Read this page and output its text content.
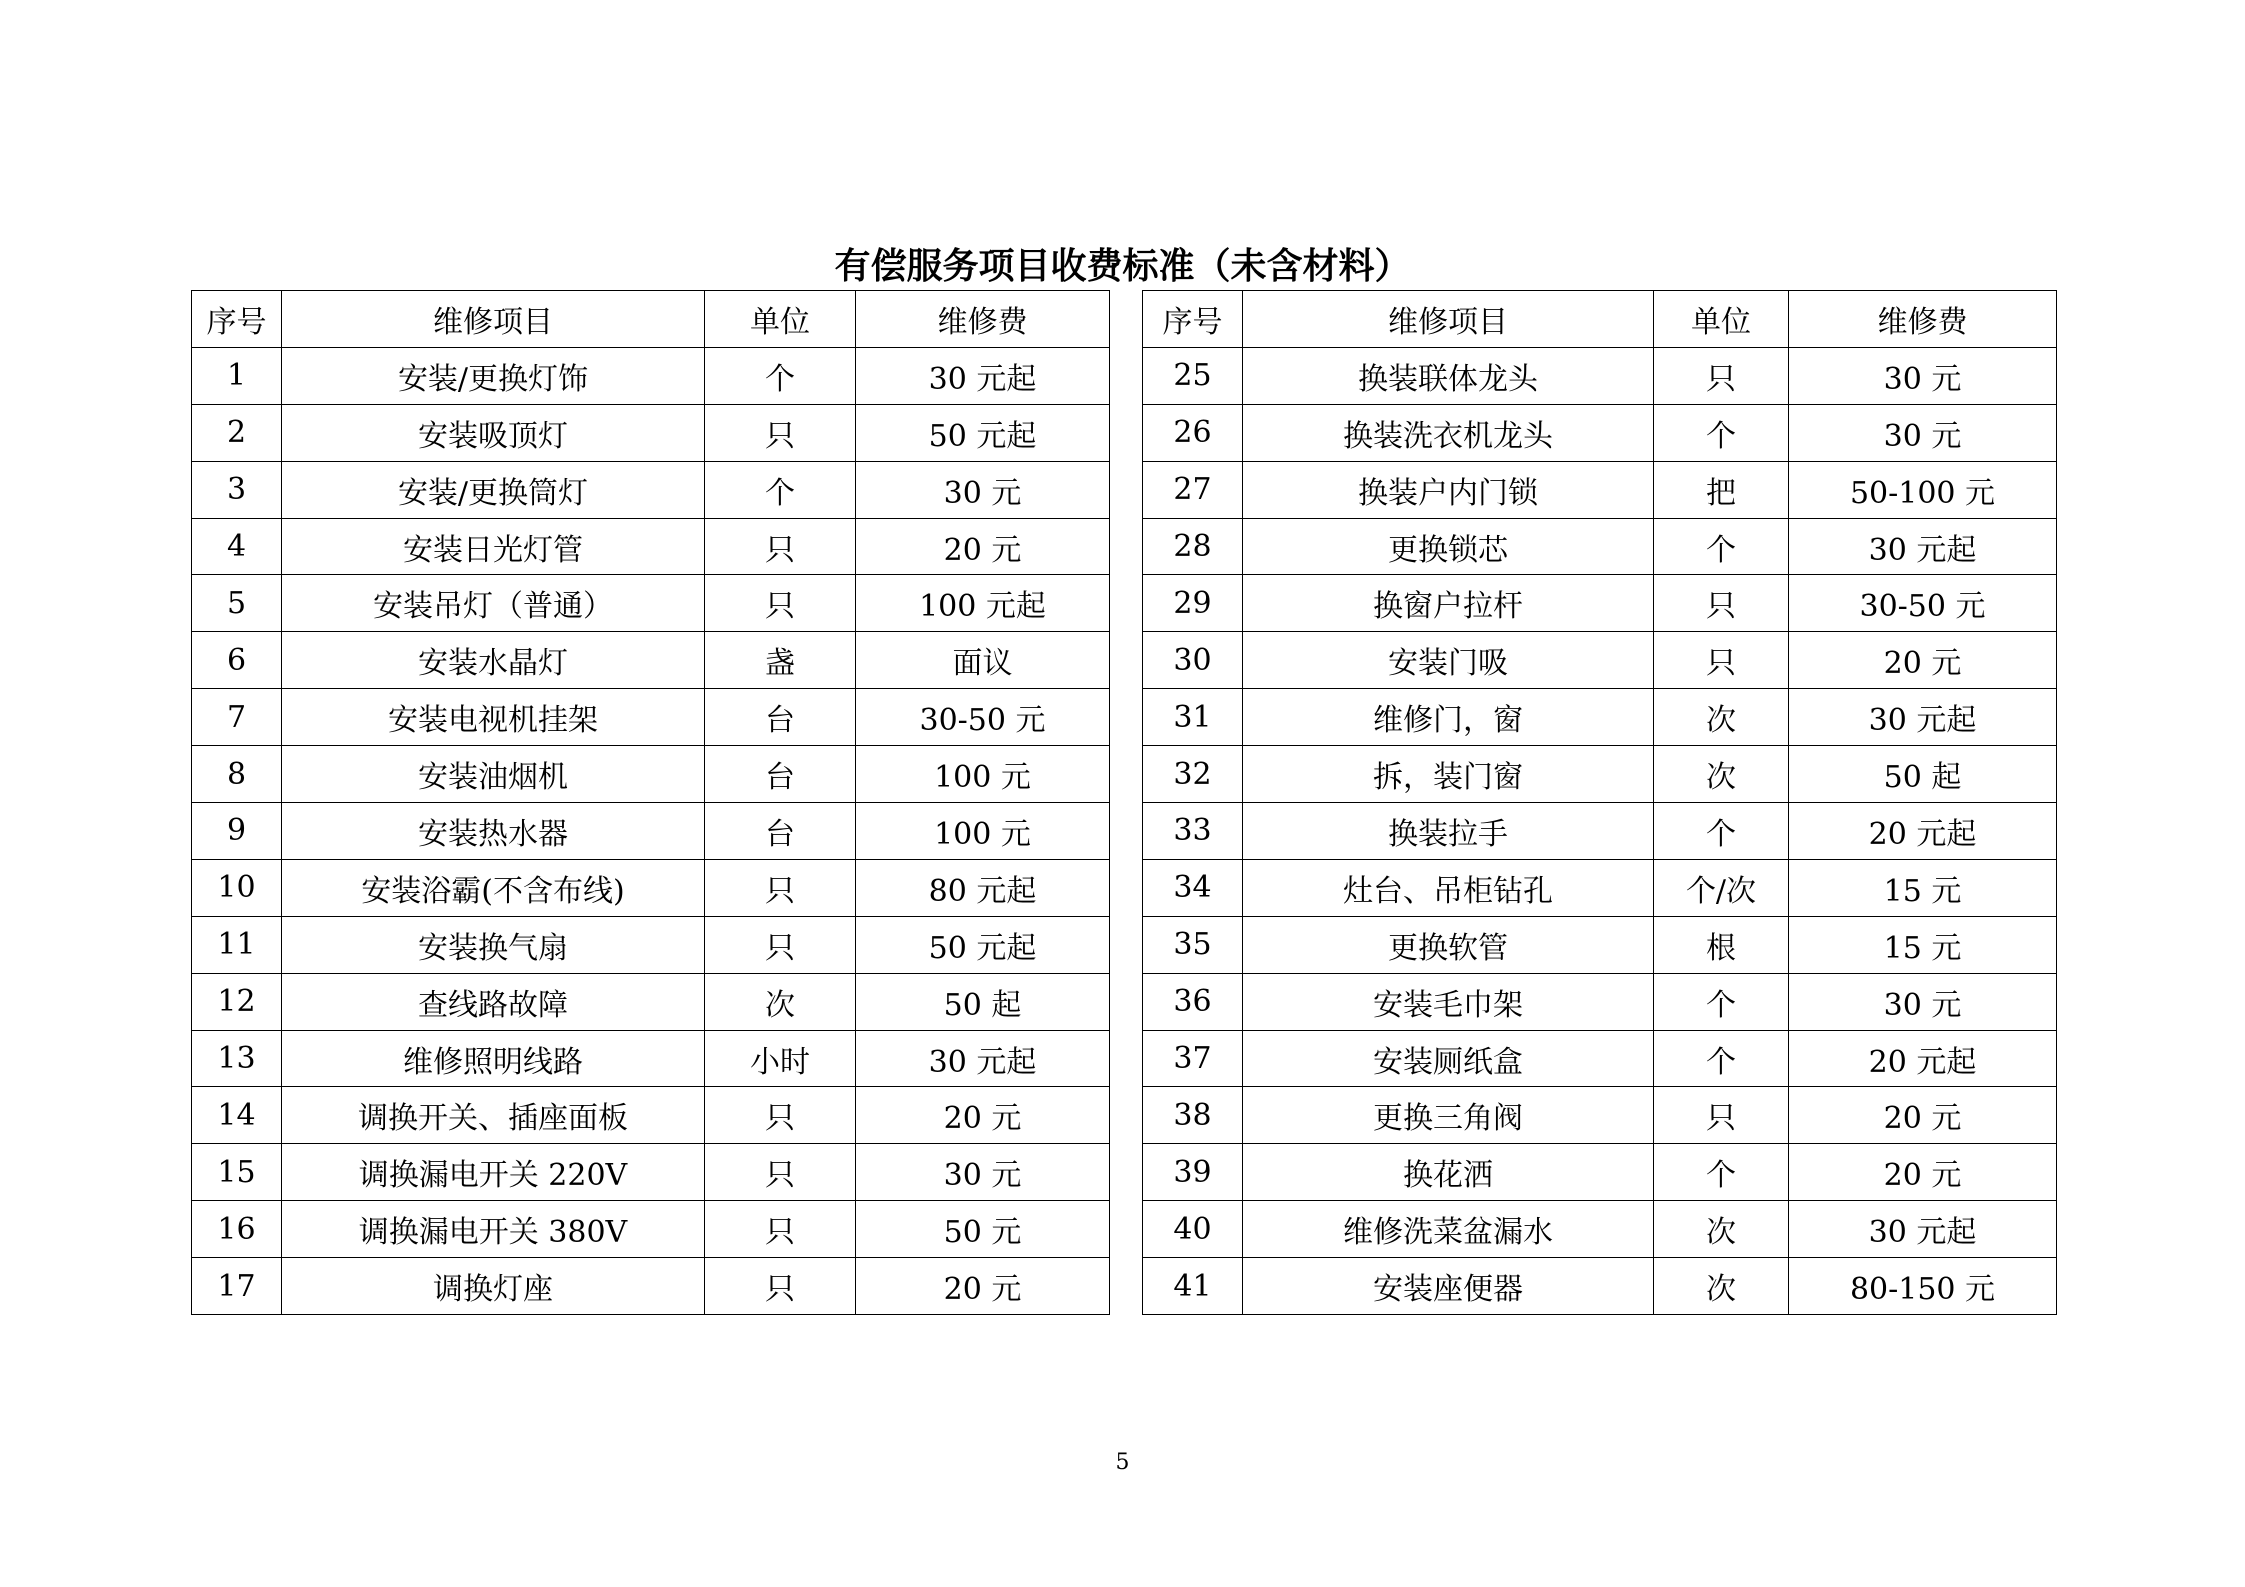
有偿服务项目收费标准（未含材料）
序号	维修项目	单位	维修费
1	安装/更换灯饰	个	30 元起
2	安装吸顶灯	只	50 元起
3	安装/更换筒灯	个	30 元
4	安装日光灯管	只	20 元
5	安装吊灯（普通）	只	100 元起
6	安装水晶灯	盏	面议
7	安装电视机挂架	台	30-50 元
8	安装油烟机	台	100 元
9	安装热水器	台	100 元
10	安装浴霸(不含布线)	只	80 元起
11	安装换气扇	只	50 元起
12	查线路故障	次	50 起
13	维修照明线路	小时	30 元起
14	调换开关、插座面板	只	20 元
15	调换漏电开关 220V	只	30 元
16	调换漏电开关 380V	只	50 元
17	调换灯座	只	20 元
序号	维修项目	单位	维修费
25	换装联体龙头	只	30 元
26	换装洗衣机龙头	个	30 元
27	换装户内门锁	把	50-100 元
28	更换锁芯	个	30 元起
29	换窗户拉杆	只	30-50 元
30	安装门吸	只	20 元
31	维修门，窗	次	30 元起
32	拆，装门窗	次	50 起
33	换装拉手	个	20 元起
34	灶台、吊柜钻孔	个/次	15 元
35	更换软管	根	15 元
36	安装毛巾架	个	30 元
37	安装厕纸盒	个	20 元起
38	更换三角阀	只	20 元
39	换花洒	个	20 元
40	维修洗菜盆漏水	次	30 元起
41	安装座便器	次	80-150 元
5
